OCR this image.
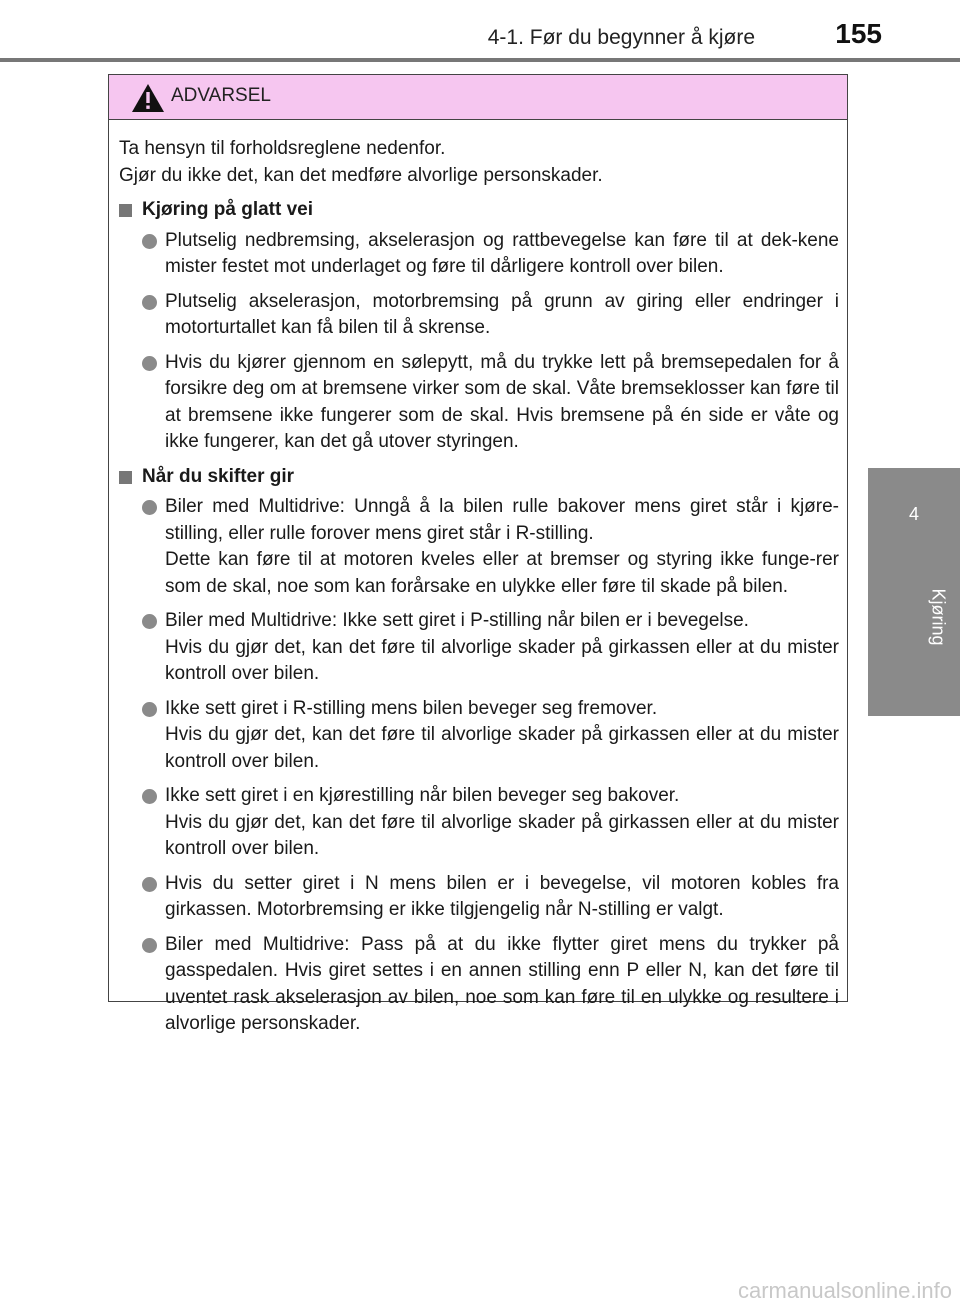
4-1. Før du begynner å kjøre	155
4
Kjøring
ADVARSEL
Ta hensyn til forholdsreglene nedenfor.
Gjør du ikke det, kan det medføre alvorlige personskader.
Kjøring på glatt vei

Plutselig nedbremsing, akselerasjon og rattbevegelse kan føre til at dek-kene mister festet mot underlaget og føre til dårligere kontroll over bilen.

Plutselig akselerasjon, motorbremsing på grunn av giring eller endringer i motorturtallet kan få bilen til å skrense.

Hvis du kjører gjennom en sølepytt, må du trykke lett på bremsepedalen for å forsikre deg om at bremsene virker som de skal. Våte bremseklosser kan føre til at bremsene ikke fungerer som de skal. Hvis bremsene på én side er våte og ikke fungerer, kan det gå utover styringen.

Når du skifter gir

Biler med Multidrive: Unngå å la bilen rulle bakover mens giret står i kjøre-stilling, eller rulle forover mens giret står i R-stilling.

Dette kan føre til at motoren kveles eller at bremser og styring ikke funge-rer som de skal, noe som kan forårsake en ulykke eller føre til skade på bilen.

Biler med Multidrive: Ikke sett giret i P-stilling når bilen er i bevegelse.

Hvis du gjør det, kan det føre til alvorlige skader på girkassen eller at du mister kontroll over bilen.

Ikke sett giret i R-stilling mens bilen beveger seg fremover.

Hvis du gjør det, kan det føre til alvorlige skader på girkassen eller at du mister kontroll over bilen.

Ikke sett giret i en kjørestilling når bilen beveger seg bakover.

Hvis du gjør det, kan det føre til alvorlige skader på girkassen eller at du mister kontroll over bilen.

Hvis du setter giret i N mens bilen er i bevegelse, vil motoren kobles fra girkassen. Motorbremsing er ikke tilgjengelig når N-stilling er valgt.

Biler med Multidrive: Pass på at du ikke flytter giret mens du trykker på gasspedalen. Hvis giret settes i en annen stilling enn P eller N, kan det føre til uventet rask akselerasjon av bilen, noe som kan føre til en ulykke og resultere i alvorlige personskader.

carmanualsonline.info
